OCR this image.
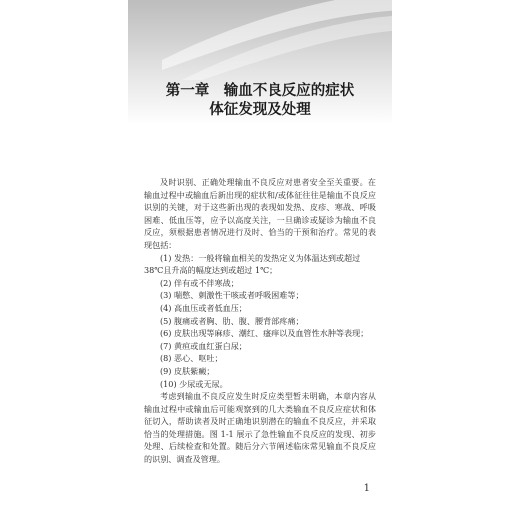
第一章　输血不良反应的症状
体征发现及处理

及时识别、正确处理输血不良反应对患者安全至关重要。在输血过程中或输血后新出现的症状和/或体征往往是输血不良反应识别的关键，对于这些新出现的表现如发热、皮疹、寒战、呼吸困难、低血压等，应予以高度关注，一旦确诊或疑诊为输血不良反应，须根据患者情况进行及时、恰当的干预和治疗。常见的表现包括：

(1) 发热：一般将输血相关的发热定义为体温达到或超过
38℃且升高的幅度达到或超过 1℃；
(2) 伴有或不伴寒战；
(3) 喘憋、刺激性干咳或者呼吸困难等；
(4) 高血压或者低血压；
(5) 腹痛或者胸、肋、腹、腰背部疼痛；
(6) 皮肤出现等麻疹、潮红、瘙痒以及血管性水肿等表现；
(7) 黄疸或血红蛋白尿；
(8) 恶心、呕吐；
(9) 皮肤紫癜；
(10) 少尿或无尿。

考虑到输血不良反应发生时反应类型暂未明确，本章内容从输血过程中或输血后可能观察到的几大类输血不良反应症状和体征切入，帮助读者及时正确地识别潜在的输血不良反应，并采取恰当的处理措施。图 1-1 展示了急性输血不良反应的发现、初步处理、后续检查和处置。随后分六节阐述临床常见输血不良反应的识别、调查及管理。

1
